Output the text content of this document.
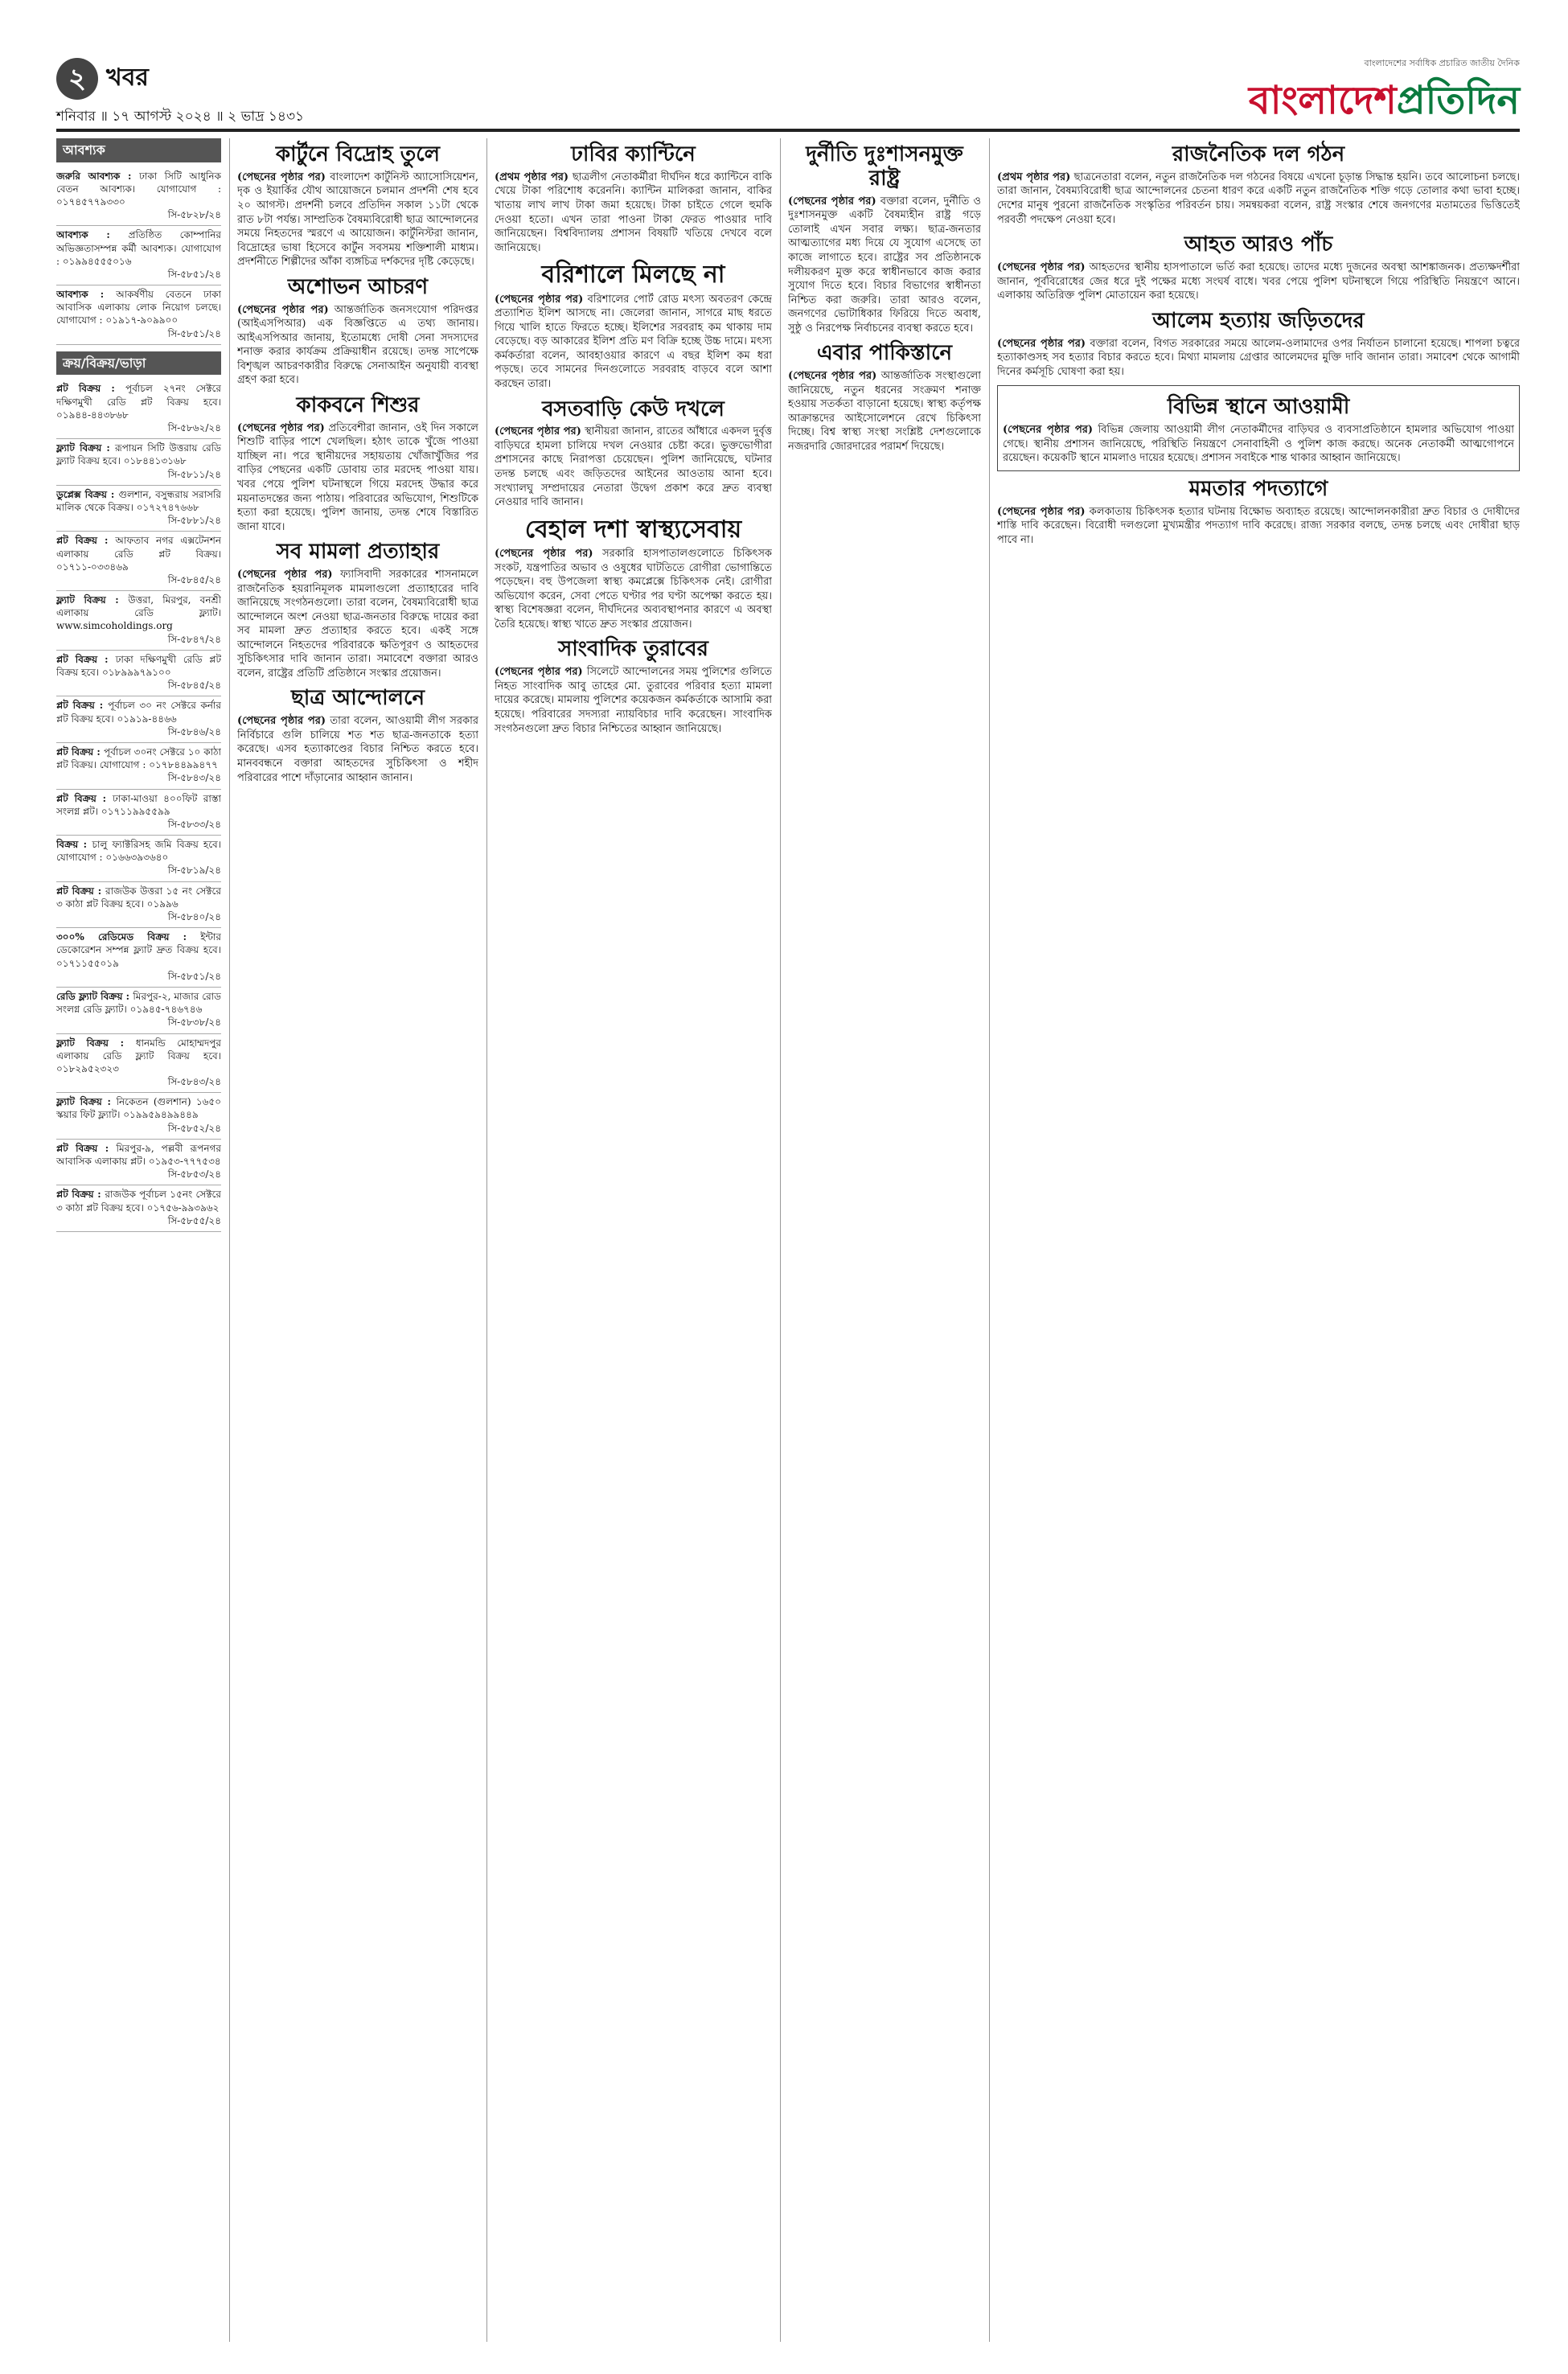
২ খবর
শনিবার ॥ ১৭ আগস্ট ২০২৪ ॥ ২ ভাদ্র ১৪৩১
বাংলাদেশের সর্বাধিক প্রচারিত জাতীয় দৈনিক
বাংলাদেশপ্রতিদিন
আবশ্যক
জরুরি আবশ্যক : ঢাকা সিটি আধুনিক বেতন আবশ্যক। যোগাযোগ : ০১৭৪৫৭৭৯৩৩০
সি-৫৮২৮/২৪
আবশ্যক : প্রতিষ্ঠিত কোম্পানির অভিজ্ঞতাসম্পন্ন কর্মী আবশ্যক। যোগাযোগ : ০১৯৯৪৫৫৫০১৬
সি-৫৮৫১/২৪
আবশ্যক : আকর্ষণীয় বেতনে ঢাকা আবাসিক এলাকায় লোক নিয়োগ চলছে। যোগাযোগ : ০১৯১৭-৯০৯৯০০
সি-৫৮৫১/২৪
ক্রয়/বিক্রয়/ভাড়া
প্লট বিক্রয় : পূর্বাচল ২৭নং সেক্টরে দক্ষিণমুখী রেডি প্লট বিক্রয় হবে। ০১৯৪৪-৪৪৩৮৬৮
সি-৫৮৬২/২৪
ফ্ল্যাট বিক্রয় : রূপায়ন সিটি উত্তরায় রেডি ফ্ল্যাট বিক্রয় হবে। ০১৮৪৪১৩১৬৮
সি-৫৮১১/২৪
ডুপ্লেক্স বিক্রয় : গুলশান, বসুন্ধরায় সরাসরি মালিক থেকে বিক্রয়। ০১৭২৭৪৭৬৬৮
সি-৫৮৮১/২৪
প্লট বিক্রয় : আফতাব নগর এক্সটেনশন এলাকায় রেডি প্লট বিক্রয়। ০১৭১১-০৩৩৪৬৯
সি-৫৮৪৫/২৪
ফ্ল্যাট বিক্রয় : উত্তরা, মিরপুর, বনশ্রী এলাকায় রেডি ফ্ল্যাট। www.simcoholdings.org
সি-৫৮৪৭/২৪
প্লট বিক্রয় : ঢাকা দক্ষিণমুখী রেডি প্লট বিক্রয় হবে। ০১৮৯৯৯৭৯১০০
সি-৫৮৪৫/২৪
প্লট বিক্রয় : পূর্বাচল ৩০ নং সেক্টরে কর্নার প্লট বিক্রয় হবে। ০১৯১৯-৪৪৬৬
সি-৫৮৪৬/২৪
প্লট বিক্রয় : পূর্বাচল ৩০নং সেক্টরে ১০ কাঠা প্লট বিক্রয়। যোগাযোগ : ০১৭৮৪৪৯৯৪৭৭
সি-৫৮৪৩/২৪
প্লট বিক্রয় : ঢাকা-মাওয়া ৪০০ফিট রাস্তা সংলগ্ন প্লট। ০১৭১১৯৯৫৫৯৯
সি-৫৮৩৩/২৪
বিক্রয় : চালু ফ্যাক্টরিসহ জমি বিক্রয় হবে। যোগাযোগ : ০১৬৬৩৯৩৬৪০
সি-৫৮১৯/২৪
প্লট বিক্রয় : রাজউক উত্তরা ১৫ নং সেক্টরে ৩ কাঠা প্লট বিক্রয় হবে। ০১৯৯৬
সি-৫৮৪০/২৪
৩০০% রেডিমেড বিক্রয় : ইন্টার ডেকোরেশন সম্পন্ন ফ্ল্যাট দ্রুত বিক্রয় হবে। ০১৭১১৫৫০১৯
সি-৫৮৫১/২৪
রেডি ফ্ল্যাট বিক্রয় : মিরপুর-২, মাজার রোড সংলগ্ন রেডি ফ্ল্যাট। ০১৯৪৫-৭৪৬৭৪৬
সি-৫৮৩৮/২৪
ফ্ল্যাট বিক্রয় : ধানমন্ডি মোহাম্মদপুর এলাকায় রেডি ফ্ল্যাট বিক্রয় হবে। ০১৮২৯৫২৩২৩
সি-৫৮৪৩/২৪
ফ্ল্যাট বিক্রয় : নিকেতন (গুলশান) ১৬৫০ স্কয়ার ফিট ফ্ল্যাট। ০১৯৯৫৯৪৯৯৪৪৯
সি-৫৮৫২/২৪
প্লট বিক্রয় : মিরপুর-৯, পল্লবী রূপনগর আবাসিক এলাকায় প্লট। ০১৯৫৩-৭৭৭৫৩৪
সি-৫৮৫৩/২৪
প্লট বিক্রয় : রাজউক পূর্বাচল ১৫নং সেক্টরে ৩ কাঠা প্লট বিক্রয় হবে। ০১৭৫৬-৯৯৩৯৬২
সি-৫৮৫৫/২৪
কার্টুনে বিদ্রোহ তুলে
(পেছনের পৃষ্ঠার পর) বাংলাদেশ কার্টুনিস্ট অ্যাসোসিয়েশন, দৃক ও ইয়ার্কির যৌথ আয়োজনে চলমান প্রদর্শনী শেষ হবে ২০ আগস্ট। প্রদর্শনী চলবে প্রতিদিন সকাল ১১টা থেকে রাত ৮টা পর্যন্ত। সাম্প্রতিক বৈষম্যবিরোধী ছাত্র আন্দোলনের সময়ে নিহতদের স্মরণে এ আয়োজন। কার্টুনিস্টরা জানান, বিদ্রোহের ভাষা হিসেবে কার্টুন সবসময় শক্তিশালী মাধ্যম। প্রদর্শনীতে শিল্পীদের আঁকা ব্যঙ্গচিত্র দর্শকদের দৃষ্টি কেড়েছে।
অশোভন আচরণ
(পেছনের পৃষ্ঠার পর) আন্তর্জাতিক জনসংযোগ পরিদপ্তর (আইএসপিআর) এক বিজ্ঞপ্তিতে এ তথ্য জানায়। আইএসপিআর জানায়, ইতোমধ্যে দোষী সেনা সদস্যদের শনাক্ত করার কার্যক্রম প্রক্রিয়াধীন রয়েছে। তদন্ত সাপেক্ষে বিশৃঙ্খল আচরণকারীর বিরুদ্ধে সেনাআইন অনুযায়ী ব্যবস্থা গ্রহণ করা হবে।
কাকবনে শিশুর
(পেছনের পৃষ্ঠার পর) প্রতিবেশীরা জানান, ওই দিন সকালে শিশুটি বাড়ির পাশে খেলছিল। হঠাৎ তাকে খুঁজে পাওয়া যাচ্ছিল না। পরে স্থানীয়দের সহায়তায় খোঁজাখুঁজির পর বাড়ির পেছনের একটি ডোবায় তার মরদেহ পাওয়া যায়। খবর পেয়ে পুলিশ ঘটনাস্থলে গিয়ে মরদেহ উদ্ধার করে ময়নাতদন্তের জন্য পাঠায়। পরিবারের অভিযোগ, শিশুটিকে হত্যা করা হয়েছে। পুলিশ জানায়, তদন্ত শেষে বিস্তারিত জানা যাবে।
সব মামলা প্রত্যাহার
(পেছনের পৃষ্ঠার পর) ফ্যাসিবাদী সরকারের শাসনামলে রাজনৈতিক হয়রানিমূলক মামলাগুলো প্রত্যাহারের দাবি জানিয়েছে সংগঠনগুলো। তারা বলেন, বৈষম্যবিরোধী ছাত্র আন্দোলনে অংশ নেওয়া ছাত্র-জনতার বিরুদ্ধে দায়ের করা সব মামলা দ্রুত প্রত্যাহার করতে হবে। একই সঙ্গে আন্দোলনে নিহতদের পরিবারকে ক্ষতিপূরণ ও আহতদের সুচিকিৎসার দাবি জানান তারা। সমাবেশে বক্তারা আরও বলেন, রাষ্ট্রের প্রতিটি প্রতিষ্ঠানে সংস্কার প্রয়োজন।
ছাত্র আন্দোলনে
(পেছনের পৃষ্ঠার পর) তারা বলেন, আওয়ামী লীগ সরকার নির্বিচারে গুলি চালিয়ে শত শত ছাত্র-জনতাকে হত্যা করেছে। এসব হত্যাকাণ্ডের বিচার নিশ্চিত করতে হবে। মানববন্ধনে বক্তারা আহতদের সুচিকিৎসা ও শহীদ পরিবারের পাশে দাঁড়ানোর আহ্বান জানান।
ঢাবির ক্যান্টিনে
(প্রথম পৃষ্ঠার পর) ছাত্রলীগ নেতাকর্মীরা দীর্ঘদিন ধরে ক্যান্টিনে বাকি খেয়ে টাকা পরিশোধ করেননি। ক্যান্টিন মালিকরা জানান, বাকির খাতায় লাখ লাখ টাকা জমা হয়েছে। টাকা চাইতে গেলে হুমকি দেওয়া হতো। এখন তারা পাওনা টাকা ফেরত পাওয়ার দাবি জানিয়েছেন। বিশ্ববিদ্যালয় প্রশাসন বিষয়টি খতিয়ে দেখবে বলে জানিয়েছে।
বরিশালে মিলছে না
(পেছনের পৃষ্ঠার পর) বরিশালের পোর্ট রোড মৎস্য অবতরণ কেন্দ্রে প্রত্যাশিত ইলিশ আসছে না। জেলেরা জানান, সাগরে মাছ ধরতে গিয়ে খালি হাতে ফিরতে হচ্ছে। ইলিশের সরবরাহ কম থাকায় দাম বেড়েছে। বড় আকারের ইলিশ প্রতি মণ বিক্রি হচ্ছে উচ্চ দামে। মৎস্য কর্মকর্তারা বলেন, আবহাওয়ার কারণে এ বছর ইলিশ কম ধরা পড়ছে। তবে সামনের দিনগুলোতে সরবরাহ বাড়বে বলে আশা করছেন তারা।
বসতবাড়ি কেউ দখলে
(পেছনের পৃষ্ঠার পর) স্থানীয়রা জানান, রাতের আঁধারে একদল দুর্বৃত্ত বাড়িঘরে হামলা চালিয়ে দখল নেওয়ার চেষ্টা করে। ভুক্তভোগীরা প্রশাসনের কাছে নিরাপত্তা চেয়েছেন। পুলিশ জানিয়েছে, ঘটনার তদন্ত চলছে এবং জড়িতদের আইনের আওতায় আনা হবে। সংখ্যালঘু সম্প্রদায়ের নেতারা উদ্বেগ প্রকাশ করে দ্রুত ব্যবস্থা নেওয়ার দাবি জানান।
বেহাল দশা স্বাস্থ্যসেবায়
(পেছনের পৃষ্ঠার পর) সরকারি হাসপাতালগুলোতে চিকিৎসক সংকট, যন্ত্রপাতির অভাব ও ওষুধের ঘাটতিতে রোগীরা ভোগান্তিতে পড়েছেন। বহু উপজেলা স্বাস্থ্য কমপ্লেক্সে চিকিৎসক নেই। রোগীরা অভিযোগ করেন, সেবা পেতে ঘণ্টার পর ঘণ্টা অপেক্ষা করতে হয়। স্বাস্থ্য বিশেষজ্ঞরা বলেন, দীর্ঘদিনের অব্যবস্থাপনার কারণে এ অবস্থা তৈরি হয়েছে। স্বাস্থ্য খাতে দ্রুত সংস্কার প্রয়োজন।
সাংবাদিক তুরাবের
(পেছনের পৃষ্ঠার পর) সিলেটে আন্দোলনের সময় পুলিশের গুলিতে নিহত সাংবাদিক আবু তাহের মো. তুরাবের পরিবার হত্যা মামলা দায়ের করেছে। মামলায় পুলিশের কয়েকজন কর্মকর্তাকে আসামি করা হয়েছে। পরিবারের সদস্যরা ন্যায়বিচার দাবি করেছেন। সাংবাদিক সংগঠনগুলো দ্রুত বিচার নিশ্চিতের আহ্বান জানিয়েছে।
দুর্নীতি দুঃশাসনমুক্ত রাষ্ট্র
(পেছনের পৃষ্ঠার পর) বক্তারা বলেন, দুর্নীতি ও দুঃশাসনমুক্ত একটি বৈষম্যহীন রাষ্ট্র গড়ে তোলাই এখন সবার লক্ষ্য। ছাত্র-জনতার আত্মত্যাগের মধ্য দিয়ে যে সুযোগ এসেছে তা কাজে লাগাতে হবে। রাষ্ট্রের সব প্রতিষ্ঠানকে দলীয়করণ মুক্ত করে স্বাধীনভাবে কাজ করার সুযোগ দিতে হবে। বিচার বিভাগের স্বাধীনতা নিশ্চিত করা জরুরি। তারা আরও বলেন, জনগণের ভোটাধিকার ফিরিয়ে দিতে অবাধ, সুষ্ঠু ও নিরপেক্ষ নির্বাচনের ব্যবস্থা করতে হবে।
এবার পাকিস্তানে
(পেছনের পৃষ্ঠার পর) আন্তর্জাতিক সংস্থাগুলো জানিয়েছে, নতুন ধরনের সংক্রমণ শনাক্ত হওয়ায় সতর্কতা বাড়ানো হয়েছে। স্বাস্থ্য কর্তৃপক্ষ আক্রান্তদের আইসোলেশনে রেখে চিকিৎসা দিচ্ছে। বিশ্ব স্বাস্থ্য সংস্থা সংশ্লিষ্ট দেশগুলোকে নজরদারি জোরদারের পরামর্শ দিয়েছে।
রাজনৈতিক দল গঠন
(প্রথম পৃষ্ঠার পর) ছাত্রনেতারা বলেন, নতুন রাজনৈতিক দল গঠনের বিষয়ে এখনো চূড়ান্ত সিদ্ধান্ত হয়নি। তবে আলোচনা চলছে। তারা জানান, বৈষম্যবিরোধী ছাত্র আন্দোলনের চেতনা ধারণ করে একটি নতুন রাজনৈতিক শক্তি গড়ে তোলার কথা ভাবা হচ্ছে। দেশের মানুষ পুরনো রাজনৈতিক সংস্কৃতির পরিবর্তন চায়। সমন্বয়করা বলেন, রাষ্ট্র সংস্কার শেষে জনগণের মতামতের ভিত্তিতেই পরবর্তী পদক্ষেপ নেওয়া হবে।
আহত আরও পাঁচ
(পেছনের পৃষ্ঠার পর) আহতদের স্থানীয় হাসপাতালে ভর্তি করা হয়েছে। তাদের মধ্যে দুজনের অবস্থা আশঙ্কাজনক। প্রত্যক্ষদর্শীরা জানান, পূর্ববিরোধের জের ধরে দুই পক্ষের মধ্যে সংঘর্ষ বাধে। খবর পেয়ে পুলিশ ঘটনাস্থলে গিয়ে পরিস্থিতি নিয়ন্ত্রণে আনে। এলাকায় অতিরিক্ত পুলিশ মোতায়েন করা হয়েছে।
আলেম হত্যায় জড়িতদের
(পেছনের পৃষ্ঠার পর) বক্তারা বলেন, বিগত সরকারের সময়ে আলেম-ওলামাদের ওপর নির্যাতন চালানো হয়েছে। শাপলা চত্বরে হত্যাকাণ্ডসহ সব হত্যার বিচার করতে হবে। মিথ্যা মামলায় গ্রেপ্তার আলেমদের মুক্তি দাবি জানান তারা। সমাবেশ থেকে আগামী দিনের কর্মসূচি ঘোষণা করা হয়।
বিভিন্ন স্থানে আওয়ামী
(পেছনের পৃষ্ঠার পর) বিভিন্ন জেলায় আওয়ামী লীগ নেতাকর্মীদের বাড়িঘর ও ব্যবসাপ্রতিষ্ঠানে হামলার অভিযোগ পাওয়া গেছে। স্থানীয় প্রশাসন জানিয়েছে, পরিস্থিতি নিয়ন্ত্রণে সেনাবাহিনী ও পুলিশ কাজ করছে। অনেক নেতাকর্মী আত্মগোপনে রয়েছেন। কয়েকটি স্থানে মামলাও দায়ের হয়েছে। প্রশাসন সবাইকে শান্ত থাকার আহ্বান জানিয়েছে।
মমতার পদত্যাগে
(পেছনের পৃষ্ঠার পর) কলকাতায় চিকিৎসক হত্যার ঘটনায় বিক্ষোভ অব্যাহত রয়েছে। আন্দোলনকারীরা দ্রুত বিচার ও দোষীদের শাস্তি দাবি করেছেন। বিরোধী দলগুলো মুখ্যমন্ত্রীর পদত্যাগ দাবি করেছে। রাজ্য সরকার বলছে, তদন্ত চলছে এবং দোষীরা ছাড় পাবে না।
